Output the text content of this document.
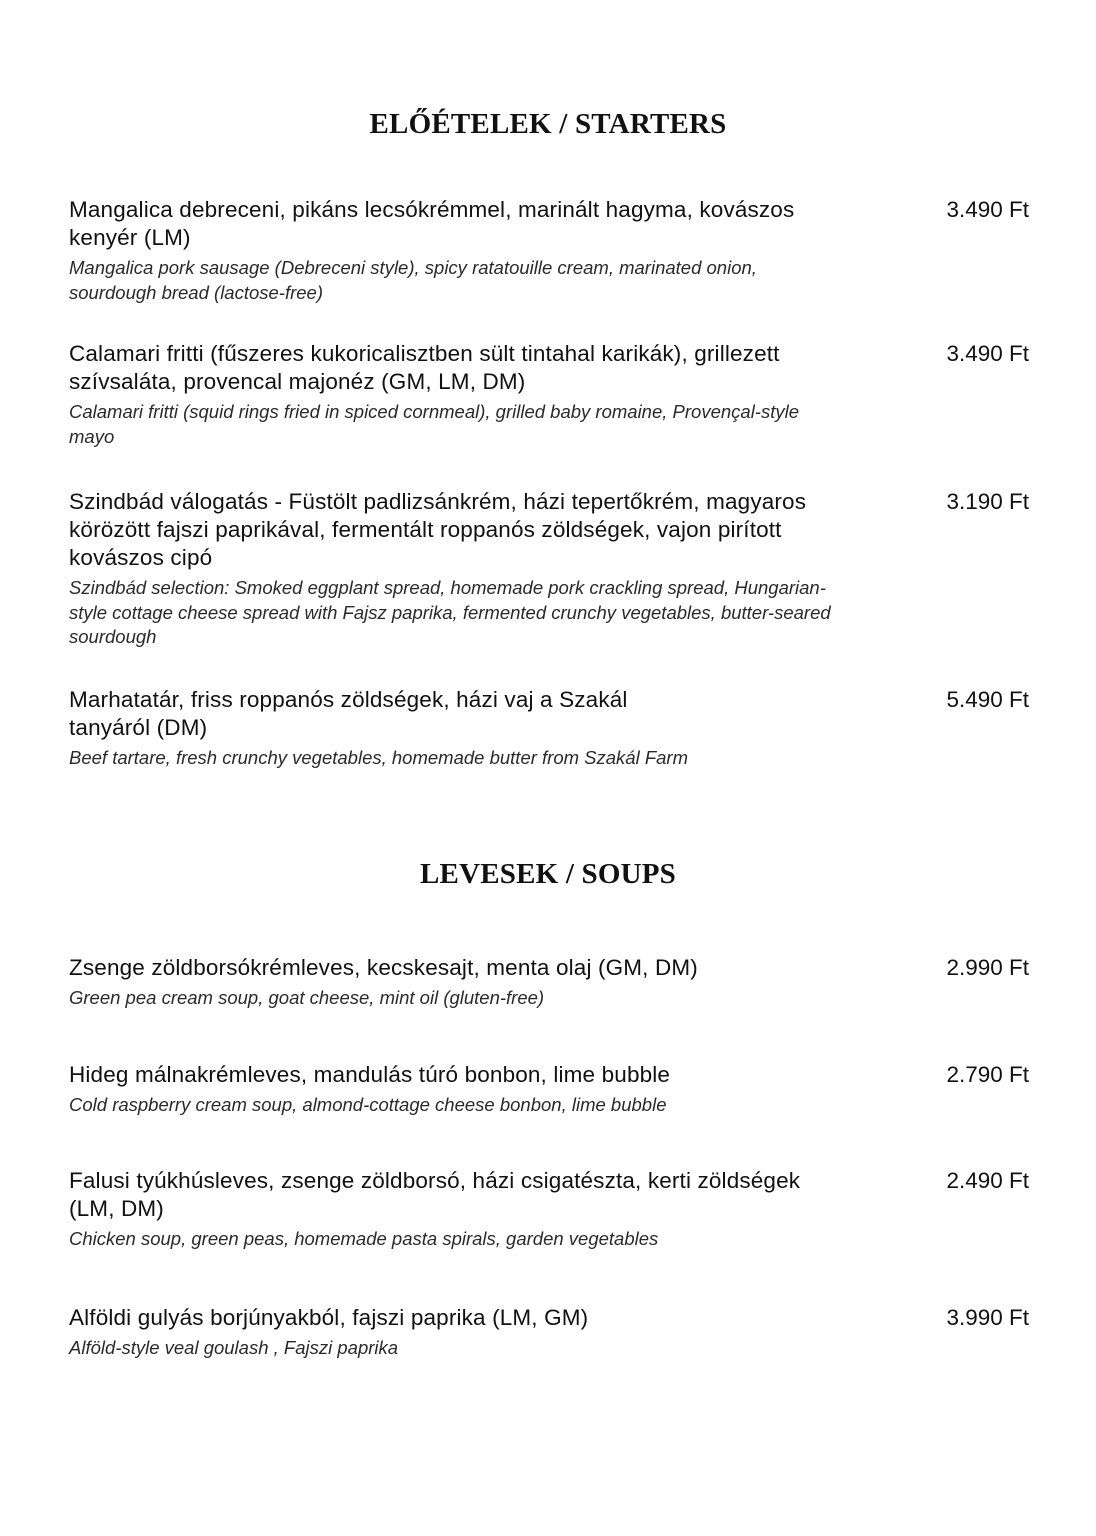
ELŐÉTELEK / STARTERS
Mangalica debreceni, pikáns lecsókrémmel, marinált hagyma, kovászos kenyér (LM)
3.490 Ft
Mangalica pork sausage (Debreceni style), spicy ratatouille cream, marinated onion, sourdough bread (lactose-free)
Calamari fritti (fűszeres kukoricalisztben sült tintahal karikák), grillezett szívsaláta, provencal majonéz (GM, LM, DM)
3.490 Ft
Calamari fritti (squid rings fried in spiced cornmeal), grilled baby romaine, Provençal-style mayo
Szindbád válogatás - Füstölt padlizsánkrém, házi tepertőkrém, magyaros körözött fajszi paprikával, fermentált roppanós zöldségek, vajon pirított kovászos cipó
3.190 Ft
Szindbád selection: Smoked eggplant spread, homemade pork crackling spread, Hungarian-style cottage cheese spread with Fajsz paprika, fermented crunchy vegetables, butter-seared sourdough
Marhatatár, friss roppanós zöldségek, házi vaj a Szakál tanyáról (DM)
5.490 Ft
Beef tartare, fresh crunchy vegetables, homemade butter from Szakál Farm
LEVESEK / SOUPS
Zsenge zöldborsókrémleves, kecskesajt, menta olaj (GM, DM)	2.990 Ft
Green pea cream soup, goat cheese, mint oil (gluten-free)
Hideg málnakrémleves, mandulás túró bonbon, lime bubble	2.790 Ft
Cold raspberry cream soup, almond-cottage cheese bonbon, lime bubble
Falusi tyúkhúsleves, zsenge zöldborsó, házi csigatészta, kerti zöldségek (LM, DM)
2.490 Ft
Chicken soup, green peas, homemade pasta spirals, garden vegetables
Alföldi gulyás borjúnyakból, fajszi paprika (LM, GM)	3.990 Ft
Alföld-style veal goulash , Fajszi paprika
